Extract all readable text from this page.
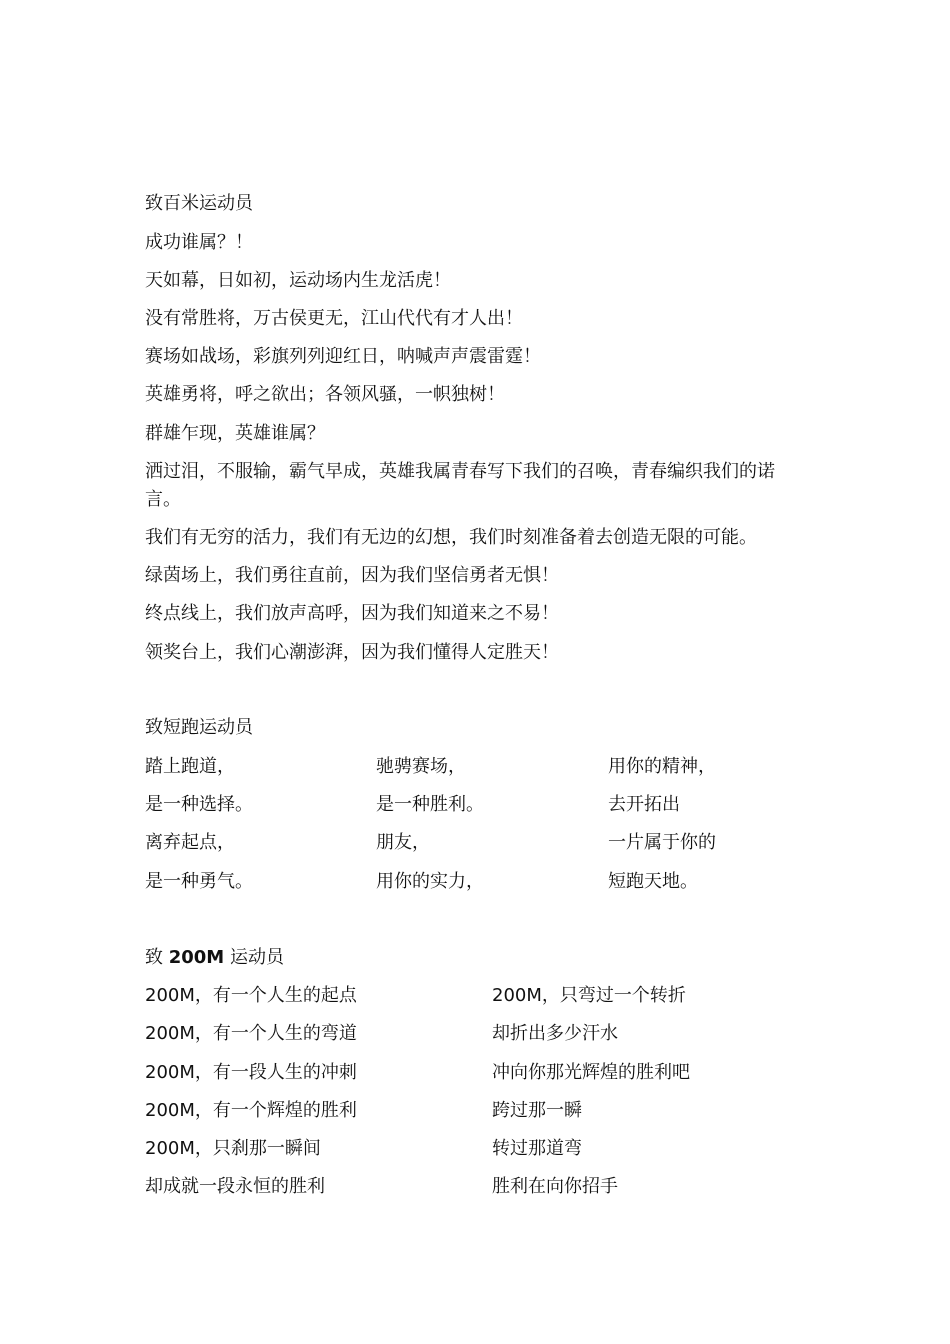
致百米运动员
成功谁属？！
天如幕，日如初，运动场内生龙活虎！
没有常胜将，万古侯更无，江山代代有才人出！
赛场如战场，彩旗列列迎红日，呐喊声声震雷霆！
英雄勇将，呼之欲出；各领风骚，一帜独树！
群雄乍现，英雄谁属？
洒过泪，不服输，霸气早成，英雄我属青春写下我们的召唤，青春编织我们的诺言。
我们有无穷的活力，我们有无边的幻想，我们时刻准备着去创造无限的可能。
绿茵场上，我们勇往直前，因为我们坚信勇者无惧！
终点线上，我们放声高呼，因为我们知道来之不易！
领奖台上，我们心潮澎湃，因为我们懂得人定胜天！
致短跑运动员
踏上跑道，
是一种选择。
离弃起点，
是一种勇气。
驰骋赛场，
是一种胜利。
朋友，
用你的实力，
用你的精神，
去开拓出
一片属于你的
短跑天地。
致 200M 运动员
200M，有一个人生的起点
200M，有一个人生的弯道
200M，有一段人生的冲刺
200M，有一个辉煌的胜利
200M，只刹那一瞬间
却成就一段永恒的胜利
200M，只弯过一个转折
却折出多少汗水
冲向你那光辉煌的胜利吧
跨过那一瞬
转过那道弯
胜利在向你招手
